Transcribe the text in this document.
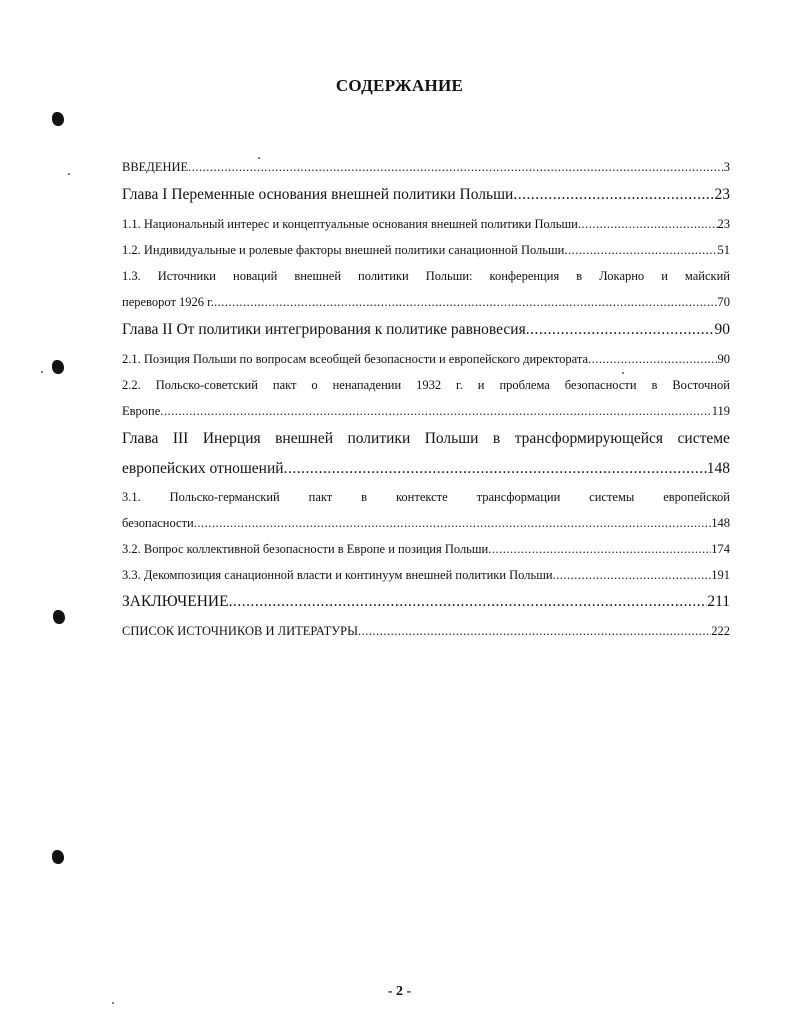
СОДЕРЖАНИЕ
ВВЕДЕНИЕ .....	3
Глава I Переменные основания внешней политики Польши .....	23
1.1. Национальный интерес и концептуальные основания внешней политики Польши .....	23
1.2. Индивидуальные и ролевые факторы внешней политики санационной Польши .....	51
1.3. Источники новаций внешней политики Польши: конференция в Локарно и майский
переворот 1926 г. .....	70
Глава II От политики интегрирования к политике равновесия .....	90
2.1. Позиция Польши по вопросам всеобщей безопасности и европейского директората .....	90
2.2. Польско-советский пакт о ненападении 1932 г. и проблема безопасности в Восточной
Европе .....	119
Глава III Инерция внешней политики Польши в трансформирующейся системе
европейских отношений .....	148
3.1. Польско-германский пакт в контексте трансформации системы европейской
безопасности .....	148
3.2. Вопрос коллективной безопасности в Европе и позиция Польши .....	174
3.3. Декомпозиция санационной власти и континуум внешней политики Польши .....	191
ЗАКЛЮЧЕНИЕ .....	211
СПИСОК ИСТОЧНИКОВ И ЛИТЕРАТУРЫ .....	222
- 2 -
